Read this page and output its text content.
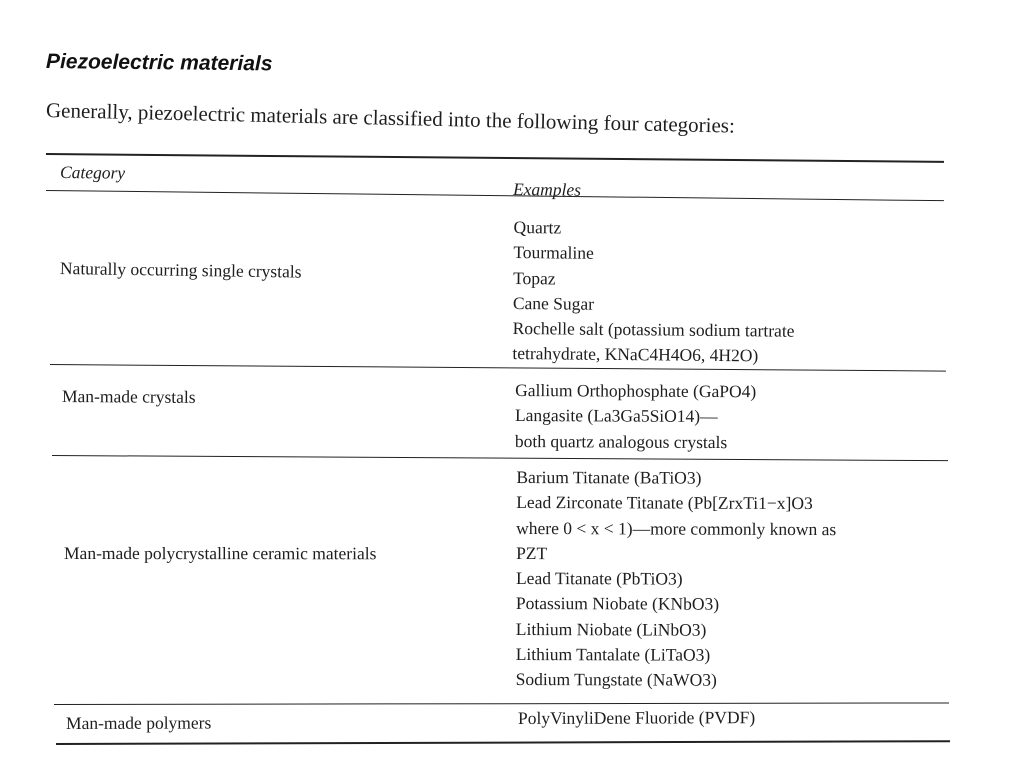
Piezoelectric materials

Generally, piezoelectric materials are classified into the following four categories:

Category
Examples
Naturally occurring single crystals
Quartz
Tourmaline
Topaz
Cane Sugar
Rochelle salt (potassium sodium tartrate
tetrahydrate, KNaC4H4O6, 4H2O)
Man-made crystals	Gallium Orthophosphate (GaPO4)
Langasite (La3Ga5SiO14)—
both quartz analogous crystals
Man-made polycrystalline ceramic materials
Barium Titanate (BaTiO3)
Lead Zirconate Titanate (Pb[ZrxTi1−x]O3
where 0 < x < 1)—more commonly known as
PZT
Lead Titanate (PbTiO3)
Potassium Niobate (KNbO3)
Lithium Niobate (LiNbO3)
Lithium Tantalate (LiTaO3)
Sodium Tungstate (NaWO3)
Man-made polymers	PolyVinyliDene Fluoride (PVDF)
